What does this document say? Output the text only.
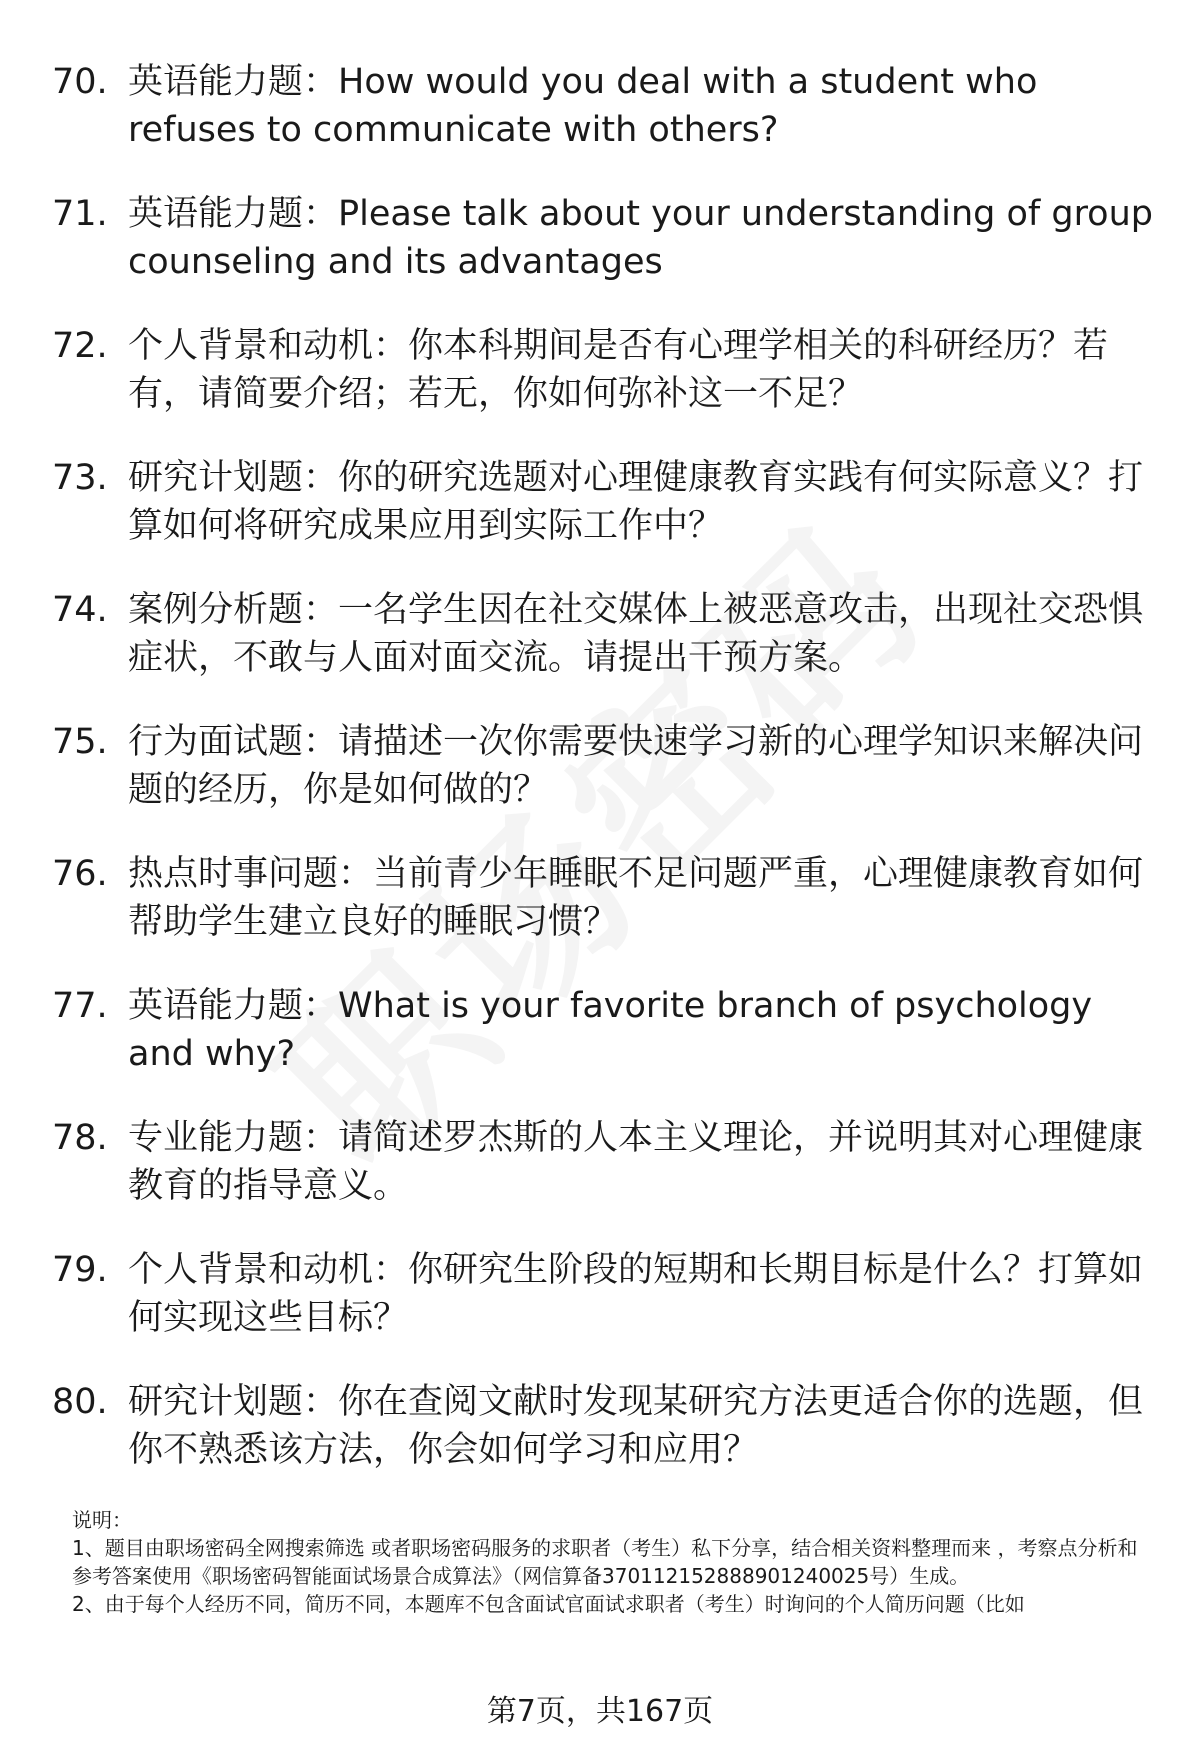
70. 英语能力题：How would you deal with a student who refuses to communicate with others?
71. 英语能力题：Please talk about your understanding of group counseling and its advantages
72. 个人背景和动机：你本科期间是否有心理学相关的科研经历？若有，请简要介绍；若无，你如何弥补这一不足？
73. 研究计划题：你的研究选题对心理健康教育实践有何实际意义？打算如何将研究成果应用到实际工作中？
74. 案例分析题：一名学生因在社交媒体上被恶意攻击，出现社交恐惧症状，不敢与人面对面交流。请提出干预方案。
75. 行为面试题：请描述一次你需要快速学习新的心理学知识来解决问题的经历，你是如何做的？
76. 热点时事问题：当前青少年睡眠不足问题严重，心理健康教育如何帮助学生建立良好的睡眠习惯？
77. 英语能力题：What is your favorite branch of psychology and why?
78. 专业能力题：请简述罗杰斯的人本主义理论，并说明其对心理健康教育的指导意义。
79. 个人背景和动机：你研究生阶段的短期和长期目标是什么？打算如何实现这些目标？
80. 研究计划题：你在查阅文献时发现某研究方法更适合你的选题，但你不熟悉该方法，你会如何学习和应用？

说明：

1、题目由职场密码全网搜索筛选 或者职场密码服务的求职者（考生）私下分享，结合相关资料整理而来 ，考察点分析和参考答案使用《职场密码智能面试场景合成算法》（网信算备370112152888901240025号）生成。

2、由于每个人经历不同，简历不同，本题库不包含面试官面试求职者（考生）时询问的个人简历问题（比如

第7页，共167页
